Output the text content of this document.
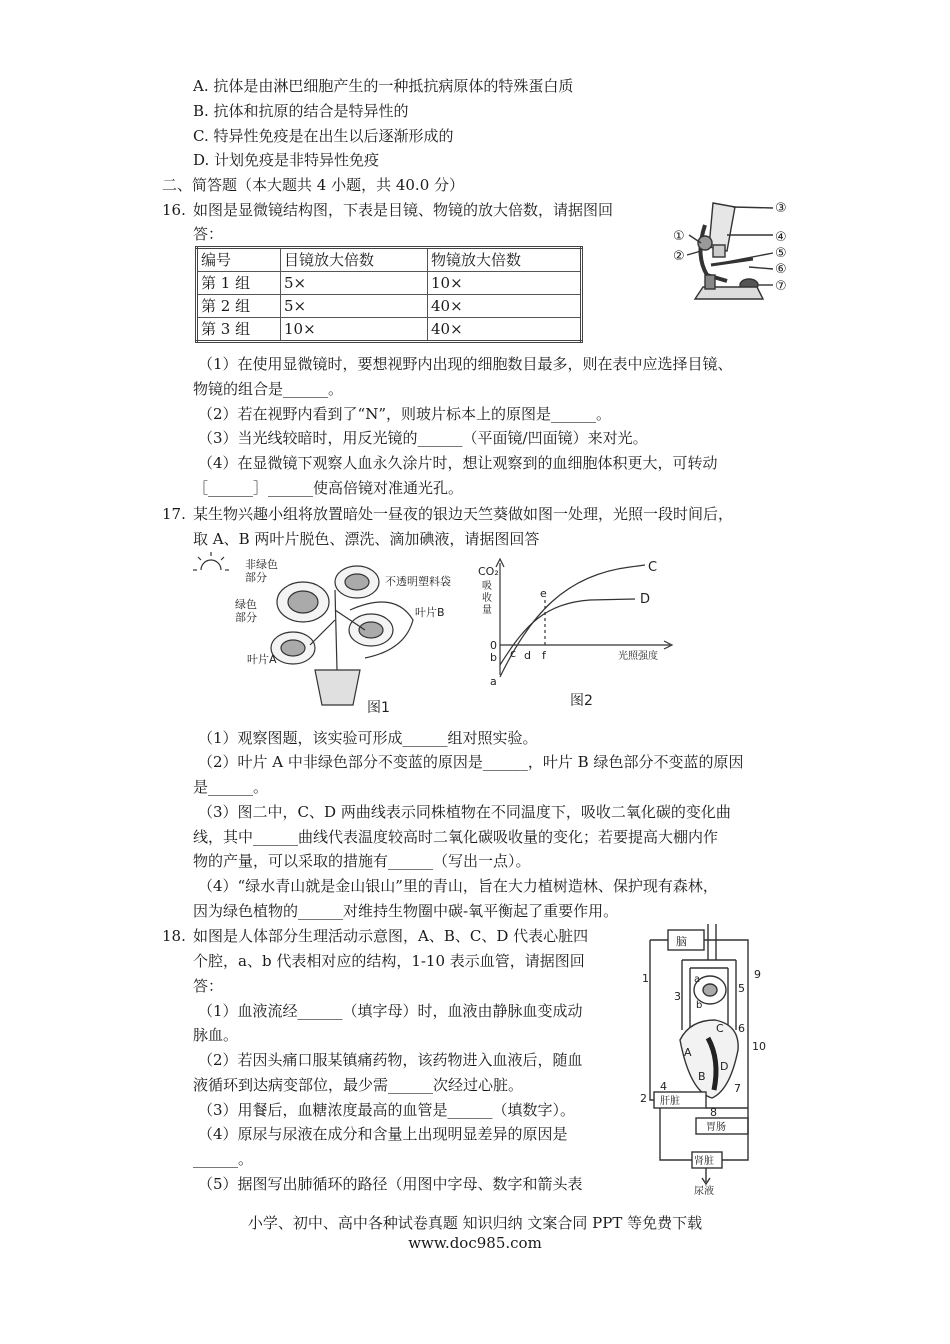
A. 抗体是由淋巴细胞产生的一种抵抗病原体的特殊蛋白质
B. 抗体和抗原的结合是特异性的
C. 特异性免疫是在出生以后逐渐形成的
D. 计划免疫是非特异性免疫
二、简答题（本大题共 4 小题，共 40.0 分）
16. 如图是显微镜结构图，下表是目镜、物镜的放大倍数，请据图回
答：
编号	目镜放大倍数	物镜放大倍数
第 1 组	5×	10×
第 2 组	5×	40×
第 3 组	10×	40×
③
①	④
②	⑤
⑥
⑦
（1）在使用显微镜时，要想视野内出现的细胞数目最多，则在表中应选择目镜、
物镜的组合是______。
（2）若在视野内看到了“N”，则玻片标本上的原图是______。
（3）当光线较暗时，用反光镜的______（平面镜/凹面镜）来对光。
（4）在显微镜下观察人血永久涂片时，想让观察到的血细胞体积更大，可转动
［______］______使高倍镜对准通光孔。
17. 某生物兴趣小组将放置暗处一昼夜的银边天竺葵做如图一处理，光照一段时间后，
取 A、B 两叶片脱色、漂洗、滴加碘液，请据图回答
非绿色
部分
绿色
部分
不透明塑料袋
叶片B
叶片A
图1
CO₂
吸
收
量
C
D
e
c d f
b
a
0
光照强度
图2
（1）观察图题，该实验可形成______组对照实验。
（2）叶片 A 中非绿色部分不变蓝的原因是______，叶片 B 绿色部分不变蓝的原因
是______。
（3）图二中，C、D 两曲线表示同株植物在不同温度下，吸收二氧化碳的变化曲
线，其中______曲线代表温度较高时二氧化碳吸收量的变化；若要提高大棚内作
物的产量，可以采取的措施有______（写出一点）。
（4）“绿水青山就是金山银山”里的青山，旨在大力植树造林、保护现有森林，
因为绿色植物的______对维持生物圈中碳-氧平衡起了重要作用。
18. 如图是人体部分生理活动示意图，A、B、C、D 代表心脏四
个腔，a、b 代表相对应的结构，1-10 表示血管，请据图回
答：
（1）血液流经______（填字母）时，血液由静脉血变成动
脉血。
（2）若因头痛口服某镇痛药物，该药物进入血液后，随血
液循环到达病变部位，最少需______次经过心脏。
（3）用餐后，血糖浓度最高的血管是______（填数字）。
（4）原尿与尿液在成分和含量上出现明显差异的原因是
______。
（5）据图写出肺循环的路径（用图中字母、数字和箭头表
脑
肝脏
胃肠
肾脏
尿液
1
2
3
4
5
6
7
8
9
10
A
B
C
D
a
b
小学、初中、高中各种试卷真题 知识归纳 文案合同 PPT 等免费下载
www.doc985.com
